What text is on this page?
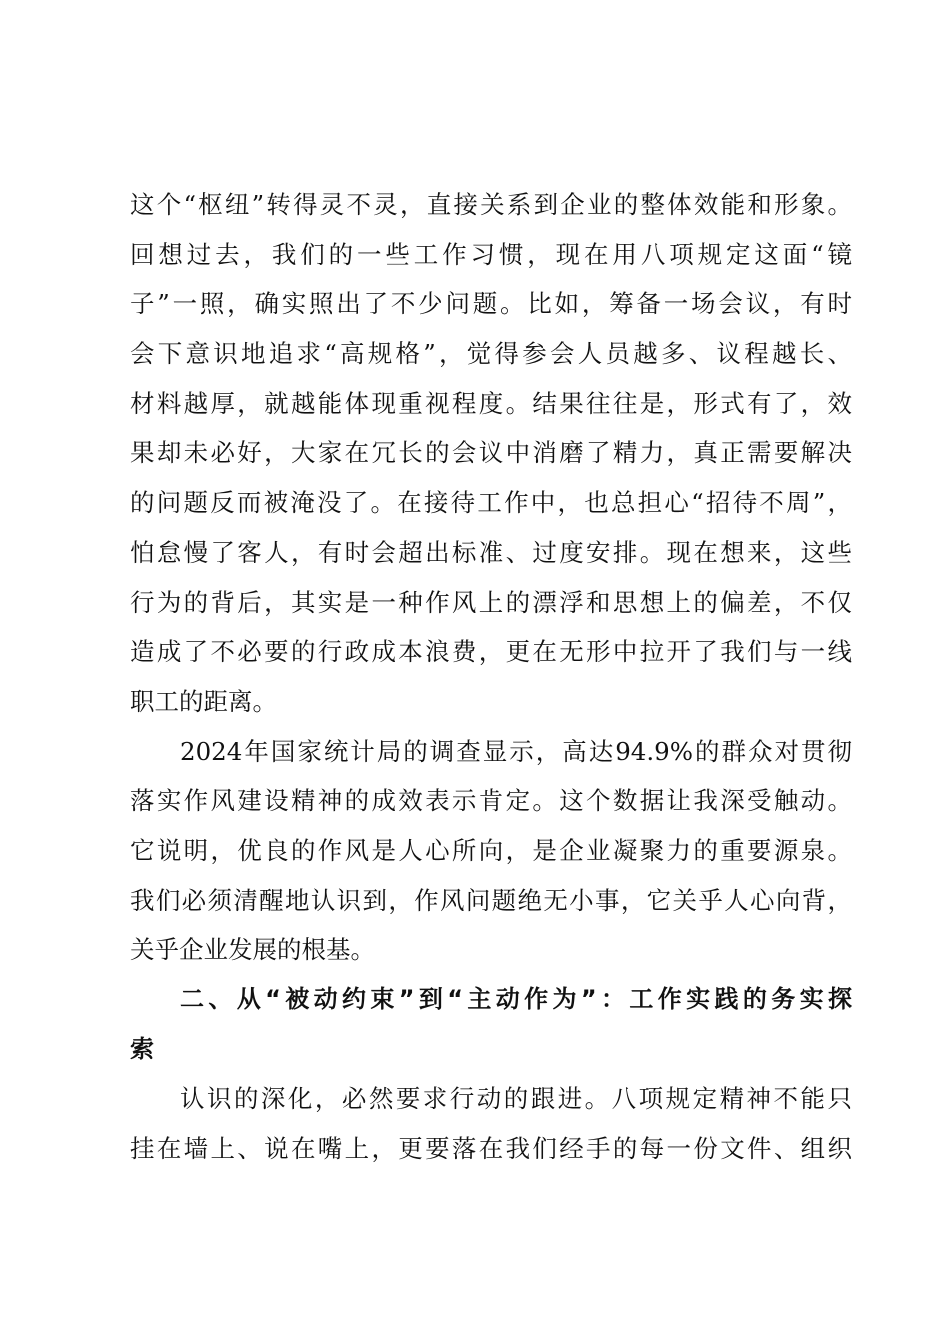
这个“枢纽”转得灵不灵，直接关系到企业的整体效能和形象。
回想过去，我们的一些工作习惯，现在用八项规定这面“镜
子”一照，确实照出了不少问题。比如，筹备一场会议，有时
会下意识地追求“高规格”，觉得参会人员越多、议程越长、
材料越厚，就越能体现重视程度。结果往往是，形式有了，效
果却未必好，大家在冗长的会议中消磨了精力，真正需要解决
的问题反而被淹没了。在接待工作中，也总担心“招待不周”，
怕怠慢了客人，有时会超出标准、过度安排。现在想来，这些
行为的背后，其实是一种作风上的漂浮和思想上的偏差，不仅
造成了不必要的行政成本浪费，更在无形中拉开了我们与一线
职工的距离。
2024年国家统计局的调查显示，高达94.9%的群众对贯彻
落实作风建设精神的成效表示肯定。这个数据让我深受触动。
它说明，优良的作风是人心所向，是企业凝聚力的重要源泉。
我们必须清醒地认识到，作风问题绝无小事，它关乎人心向背，
关乎企业发展的根基。
二、从“被动约束”到“主动作为”：工作实践的务实探
索
认识的深化，必然要求行动的跟进。八项规定精神不能只
挂在墙上、说在嘴上，更要落在我们经手的每一份文件、组织
